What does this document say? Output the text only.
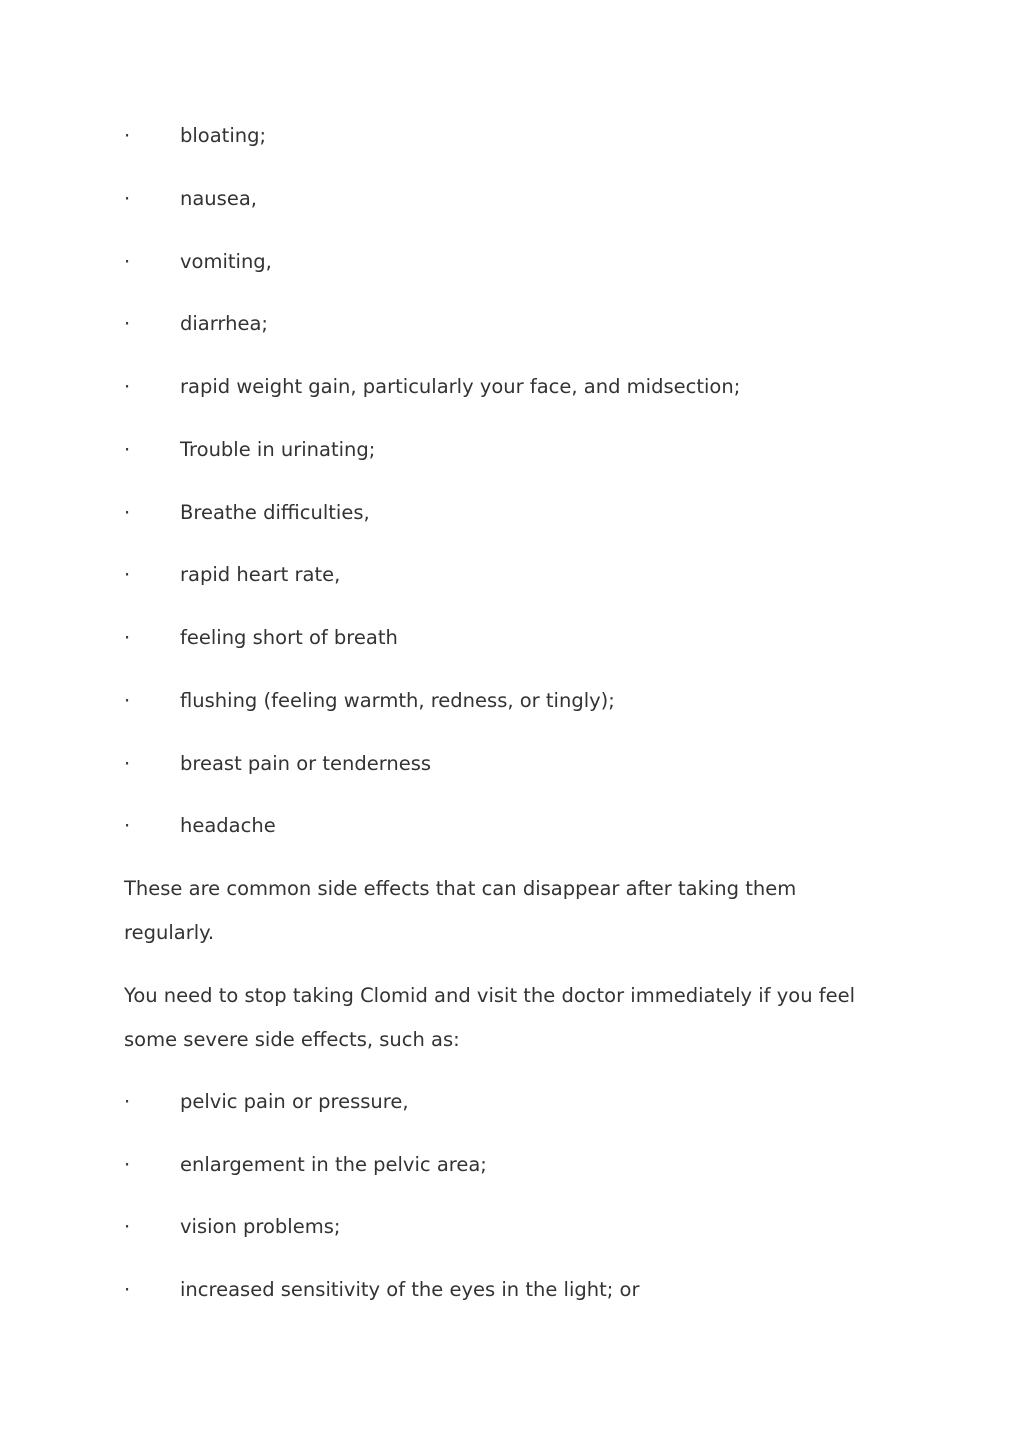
·	bloating;
·	nausea,
·	vomiting,
·	diarrhea;
·	rapid weight gain, particularly your face, and midsection;
·	Trouble in urinating;
·	Breathe difficulties,
·	rapid heart rate,
·	feeling short of breath
·	flushing (feeling warmth, redness, or tingly);
·	breast pain or tenderness
·	headache
These are common side effects that can disappear after taking them
regularly.
You need to stop taking Clomid and visit the doctor immediately if you feel
some severe side effects, such as:
·	pelvic pain or pressure,
·	enlargement in the pelvic area;
·	vision problems;
·	increased sensitivity of the eyes in the light; or
